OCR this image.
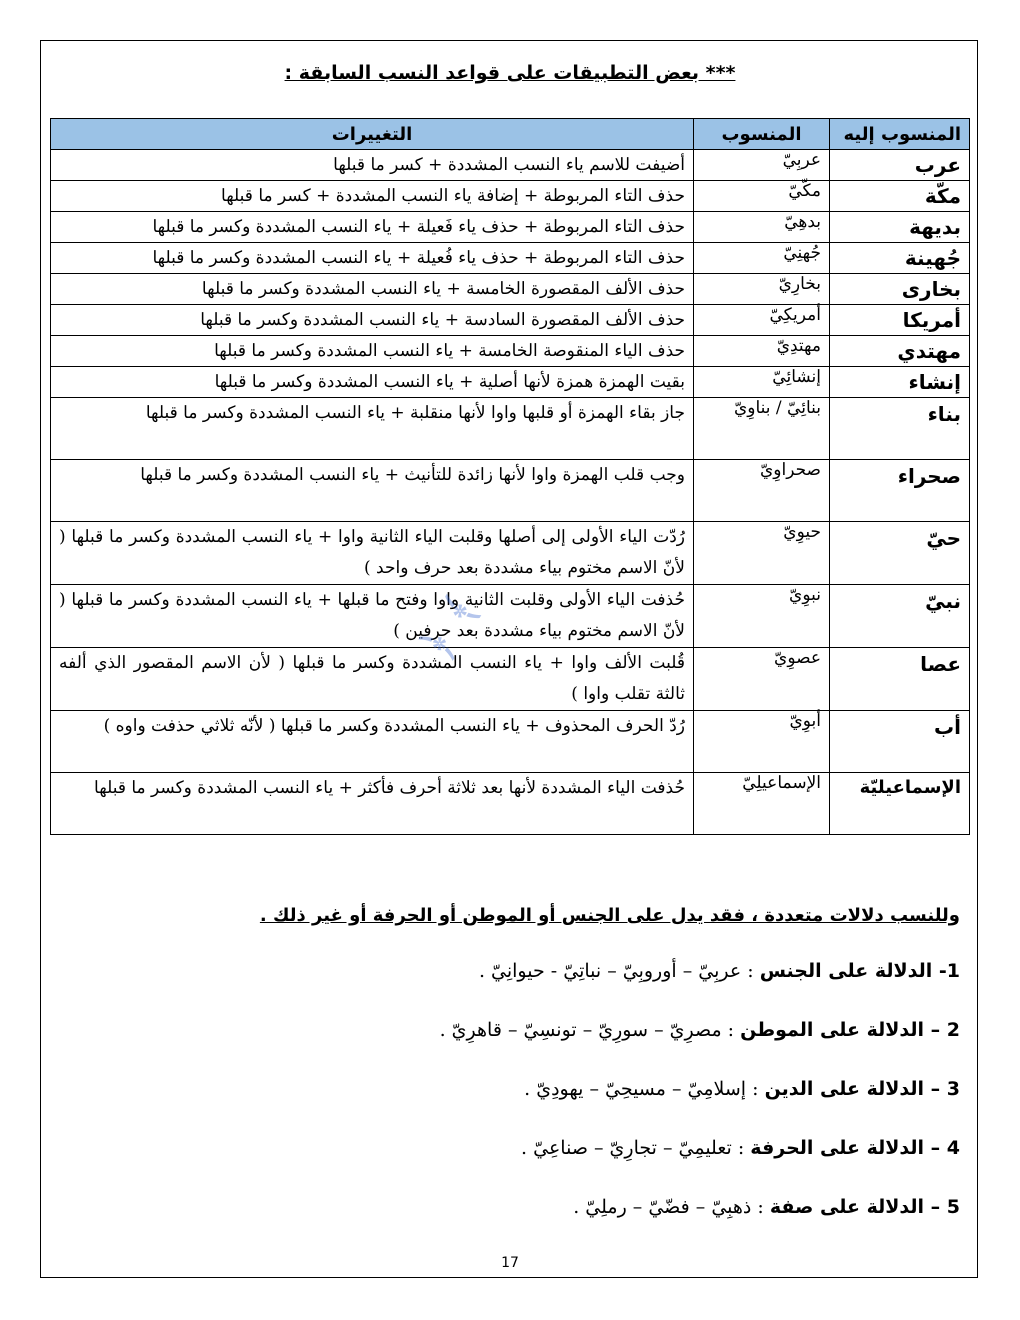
*** بعض التطبيقات على قواعد النسب السابقة :
المنسوب إليه	المنسوب	التغييرات
عرب	عربِيّ	أضيفت للاسم ياء النسب المشددة + كسر ما قبلها
مكّة	مكّيّ	حذف التاء المربوطة + إضافة ياء النسب المشددة + كسر ما قبلها
بديهة	بدهِيّ	حذف التاء المربوطة + حذف ياء فَعيلة + ياء النسب المشددة وكسر ما قبلها
جُهينة	جُهنِيّ	حذف التاء المربوطة + حذف ياء فُعيلة + ياء النسب المشددة وكسر ما قبلها
بخارى	بخارِيّ	حذف الألف المقصورة الخامسة + ياء النسب المشددة وكسر ما قبلها
أمريكا	أمريكِيّ	حذف الألف المقصورة السادسة + ياء النسب المشددة وكسر ما قبلها
مهتدي	مهتدِيّ	حذف الياء المنقوصة الخامسة + ياء النسب المشددة وكسر ما قبلها
إنشاء	إنشائِيّ	بقيت الهمزة همزة لأنها أصلية + ياء النسب المشددة وكسر ما قبلها
بناء	بنائِيّ / بناوِيّ	جاز بقاء الهمزة أو قلبها واوا لأنها منقلبة + ياء النسب المشددة وكسر ما قبلها
صحراء	صحراوِيّ	وجب قلب الهمزة واوا لأنها زائدة للتأنيث + ياء النسب المشددة وكسر ما قبلها
حيّ	حيوِيّ	رُدّت الياء الأولى إلى أصلها وقلبت الياء الثانية واوا + ياء النسب المشددة وكسر ما قبلها ( لأنّ الاسم مختوم بياء مشددة بعد حرف واحد )
نبيّ	نبوِيّ	حُذفت الياء الأولى وقلبت الثانية واوا وفتح ما قبلها + ياء النسب المشددة وكسر ما قبلها ( لأنّ الاسم مختوم بياء مشددة بعد حرفين )
عصا	عصوِيّ	قُلبت الألف واوا + ياء النسب المشددة وكسر ما قبلها ( لأن الاسم المقصور الذي ألفه ثالثة تقلب واوا )
أب	أبوِيّ	رُدّ الحرف المحذوف + ياء النسب المشددة وكسر ما قبلها ( لأنّه ثلاثي حذفت واوه )
الإسماعيليّة	الإسماعيلِيّ	حُذفت الياء المشددة لأنها بعد ثلاثة أحرف فأكثر + ياء النسب المشددة وكسر ما قبلها
﴿ ﴾
وللنسب دلالات متعددة ، فقد يدل على الجنس أو الموطن أو الحرفة أو غير ذلك .
1- الدلالة على الجنس : عربِيّ – أوروبِيّ – نباتِيّ - حيوانِيّ .
2 – الدلالة على الموطن : مصرِيّ – سورِيّ – تونسِيّ – قاهرِيّ .
3 – الدلالة على الدين : إسلامِيّ – مسيحِيّ – يهودِيّ .
4 – الدلالة على الحرفة : تعليمِيّ – تجارِيّ – صناعِيّ .
5 – الدلالة على صفة : ذهبِيّ – فضّيّ – رملِيّ .
17
